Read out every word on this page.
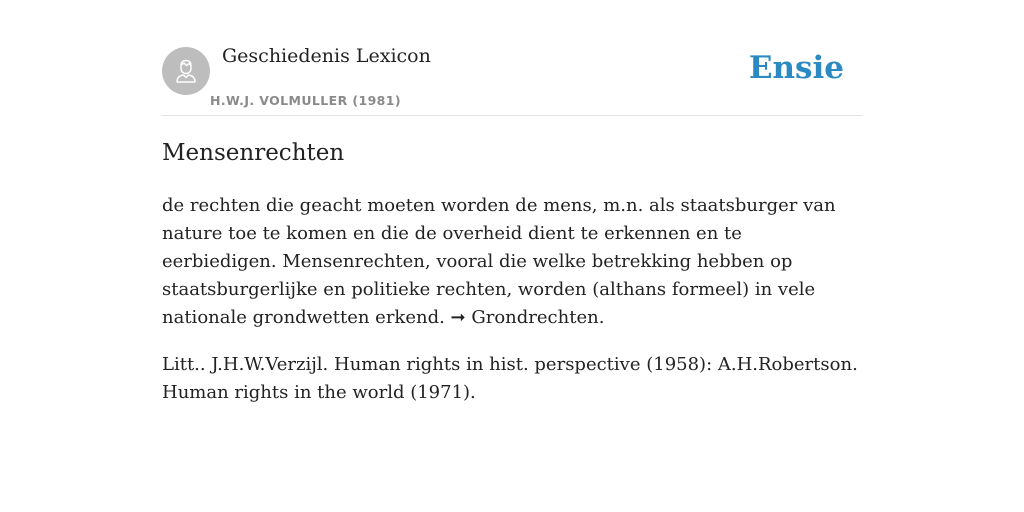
Geschiedenis Lexicon
H.W.J. VOLMULLER (1981)
Ensie
Mensenrechten

de rechten die geacht moeten worden de mens, m.n. als staatsburger van nature toe te komen en die de overheid dient te erkennen en te eerbiedigen. Mensenrechten, vooral die welke betrekking hebben op staatsburgerlijke en politieke rechten, worden (althans formeel) in vele nationale grondwetten erkend. ➞ Grondrechten.

Litt.. J.H.W.Verzijl. Human rights in hist. perspective (1958): A.H.Robertson. Human rights in the world (1971).
